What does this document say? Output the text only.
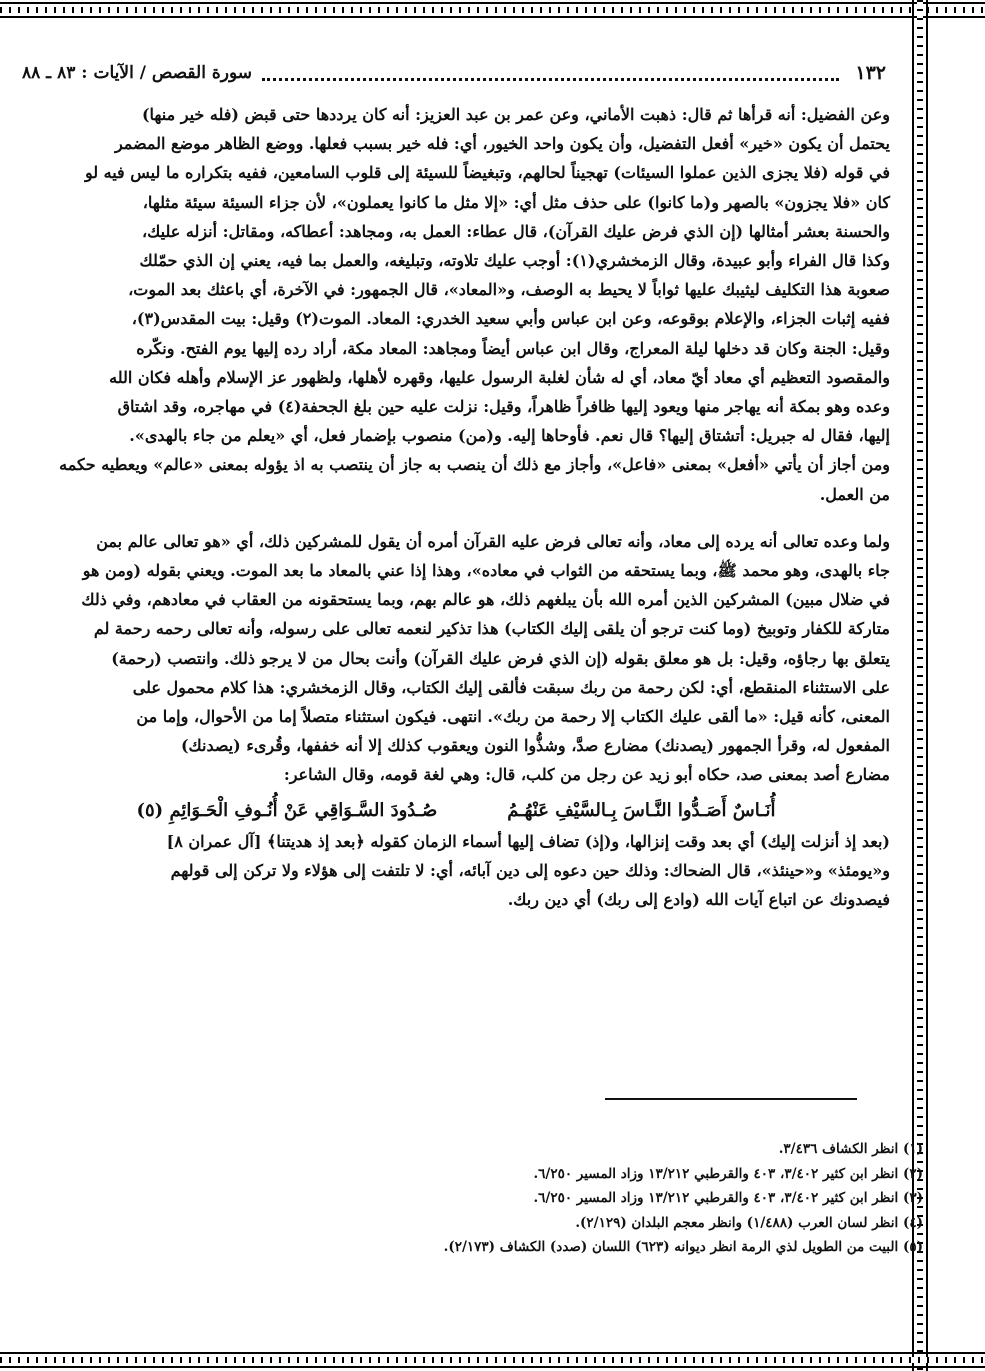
١٣٢
سورة القصص / الآيات : ٨٣ ـ ٨٨

وعن الفضيل: أنه قرأها ثم قال: ذهبت الأماني، وعن عمر بن عبد العزيز: أنه كان يرددها حتى قبض (فله خير منها)

يحتمل أن يكون «خير» أفعل التفضيل، وأن يكون واحد الخيور، أي: فله خير بسبب فعلها. ووضع الظاهر موضع المضمر

في قوله (فلا يجزى الذين عملوا السيئات) تهجيناً لحالهم، وتبغيضاً للسيئة إلى قلوب السامعين، ففيه بتكراره ما ليس فيه لو

كان «فلا يجزون» بالصهر و(ما كانوا) على حذف مثل أي: «إلا مثل ما كانوا يعملون»، لأن جزاء السيئة سيئة مثلها،

والحسنة بعشر أمثالها (إن الذي فرض عليك القرآن)، قال عطاء: العمل به، ومجاهد: أعطاكه، ومقاتل: أنزله عليك،

وكذا قال الفراء وأبو عبيدة، وقال الزمخشري(١): أوجب عليك تلاوته، وتبليغه، والعمل بما فيه، يعني إن الذي حمّلك

صعوبة هذا التكليف ليثيبك عليها ثواباً لا يحيط به الوصف، و«المعاد»، قال الجمهور: في الآخرة، أي باعثك بعد الموت،

ففيه إثبات الجزاء، والإعلام بوقوعه، وعن ابن عباس وأبي سعيد الخدري: المعاد. الموت(٢) وقيل: بيت المقدس(٣)،

وقيل: الجنة وكان قد دخلها ليلة المعراج، وقال ابن عباس أيضاً ومجاهد: المعاد مكة، أراد رده إليها يوم الفتح. ونكّره

والمقصود التعظيم أي معاد أيّ معاد، أي له شأن لغلبة الرسول عليها، وقهره لأهلها، ولظهور عز الإسلام وأهله فكان الله

وعده وهو بمكة أنه يهاجر منها ويعود إليها ظافراً ظاهراً، وقيل: نزلت عليه حين بلغ الجحفة(٤) في مهاجره، وقد اشتاق

إليها، فقال له جبريل: أتشتاق إليها؟ قال نعم. فأوحاها إليه. و(من) منصوب بإضمار فعل، أي «يعلم من جاء بالهدى».

ومن أجاز أن يأتي «أفعل» بمعنى «فاعل»، وأجاز مع ذلك أن ينصب به جاز أن ينتصب به اذ يؤوله بمعنى «عالم» ويعطيه حكمه

من العمل.

ولما وعده تعالى أنه يرده إلى معاد، وأنه تعالى فرض عليه القرآن أمره أن يقول للمشركين ذلك، أي «هو تعالى عالم بمن

جاء بالهدى، وهو محمد ﷺ، وبما يستحقه من الثواب في معاده»، وهذا إذا عني بالمعاد ما بعد الموت. ويعني بقوله (ومن هو

في ضلال مبين) المشركين الذين أمره الله بأن يبلغهم ذلك، هو عالم بهم، وبما يستحقونه من العقاب في معادهم، وفي ذلك

متاركة للكفار وتوبيخ (وما كنت ترجو أن يلقى إليك الكتاب) هذا تذكير لنعمه تعالى على رسوله، وأنه تعالى رحمه رحمة لم

يتعلق بها رجاؤه، وقيل: بل هو معلق بقوله (إن الذي فرض عليك القرآن) وأنت بحال من لا يرجو ذلك. وانتصب (رحمة)

على الاستثناء المنقطع، أي: لكن رحمة من ربك سبقت فألقى إليك الكتاب، وقال الزمخشري: هذا كلام محمول على

المعنى، كأنه قيل: «ما ألقى عليك الكتاب إلا رحمة من ربك». انتهى. فيكون استثناء متصلاً إما من الأحوال، وإما من

المفعول له، وقرأ الجمهور (يصدنك) مضارع صدَّ، وشذُّوا النون ويعقوب كذلك إلا أنه خففها، وقُرىء (يصدنك)

مضارع أصد بمعنى صد، حكاه أبو زيد عن رجل من كلب، قال: وهي لغة قومه، وقال الشاعر:

أُنَـاسٌ أَصَـدُّوا النَّـاسَ بِـالسَّيْفِ عَنْهُـمُ
صُـدُودَ السَّـوَاقِي عَنْ أُنُـوفِ الْحَـوَائِمِ (٥)

(بعد إذ أنزلت إليك) أي بعد وقت إنزالها، و(إذ) تضاف إليها أسماء الزمان كقوله ﴿بعد إذ هديتنا﴾ [آل عمران ٨]

و«يومئذ» و«حينئذ»، قال الضحاك: وذلك حين دعوه إلى دين آبائه، أي: لا تلتفت إلى هؤلاء ولا تركن إلى قولهم

فيصدونك عن اتباع آيات الله (وادع إلى ربك) أي دين ربك.

(١) انظر الكشاف ٣/٤٣٦.

(٢) انظر ابن كثير ٣/٤٠٢، ٤٠٣ والقرطبي ١٣/٢١٢ وزاد المسير ٦/٢٥٠.

(٣) انظر ابن كثير ٣/٤٠٢، ٤٠٣ والقرطبي ١٣/٢١٢ وزاد المسير ٦/٢٥٠.

(٤) انظر لسان العرب (١/٤٨٨) وانظر معجم البلدان (٢/١٢٩).

(٥) البيت من الطويل لذي الرمة انظر ديوانه (٦٢٣) اللسان (صدد) الكشاف (٢/١٧٣).
